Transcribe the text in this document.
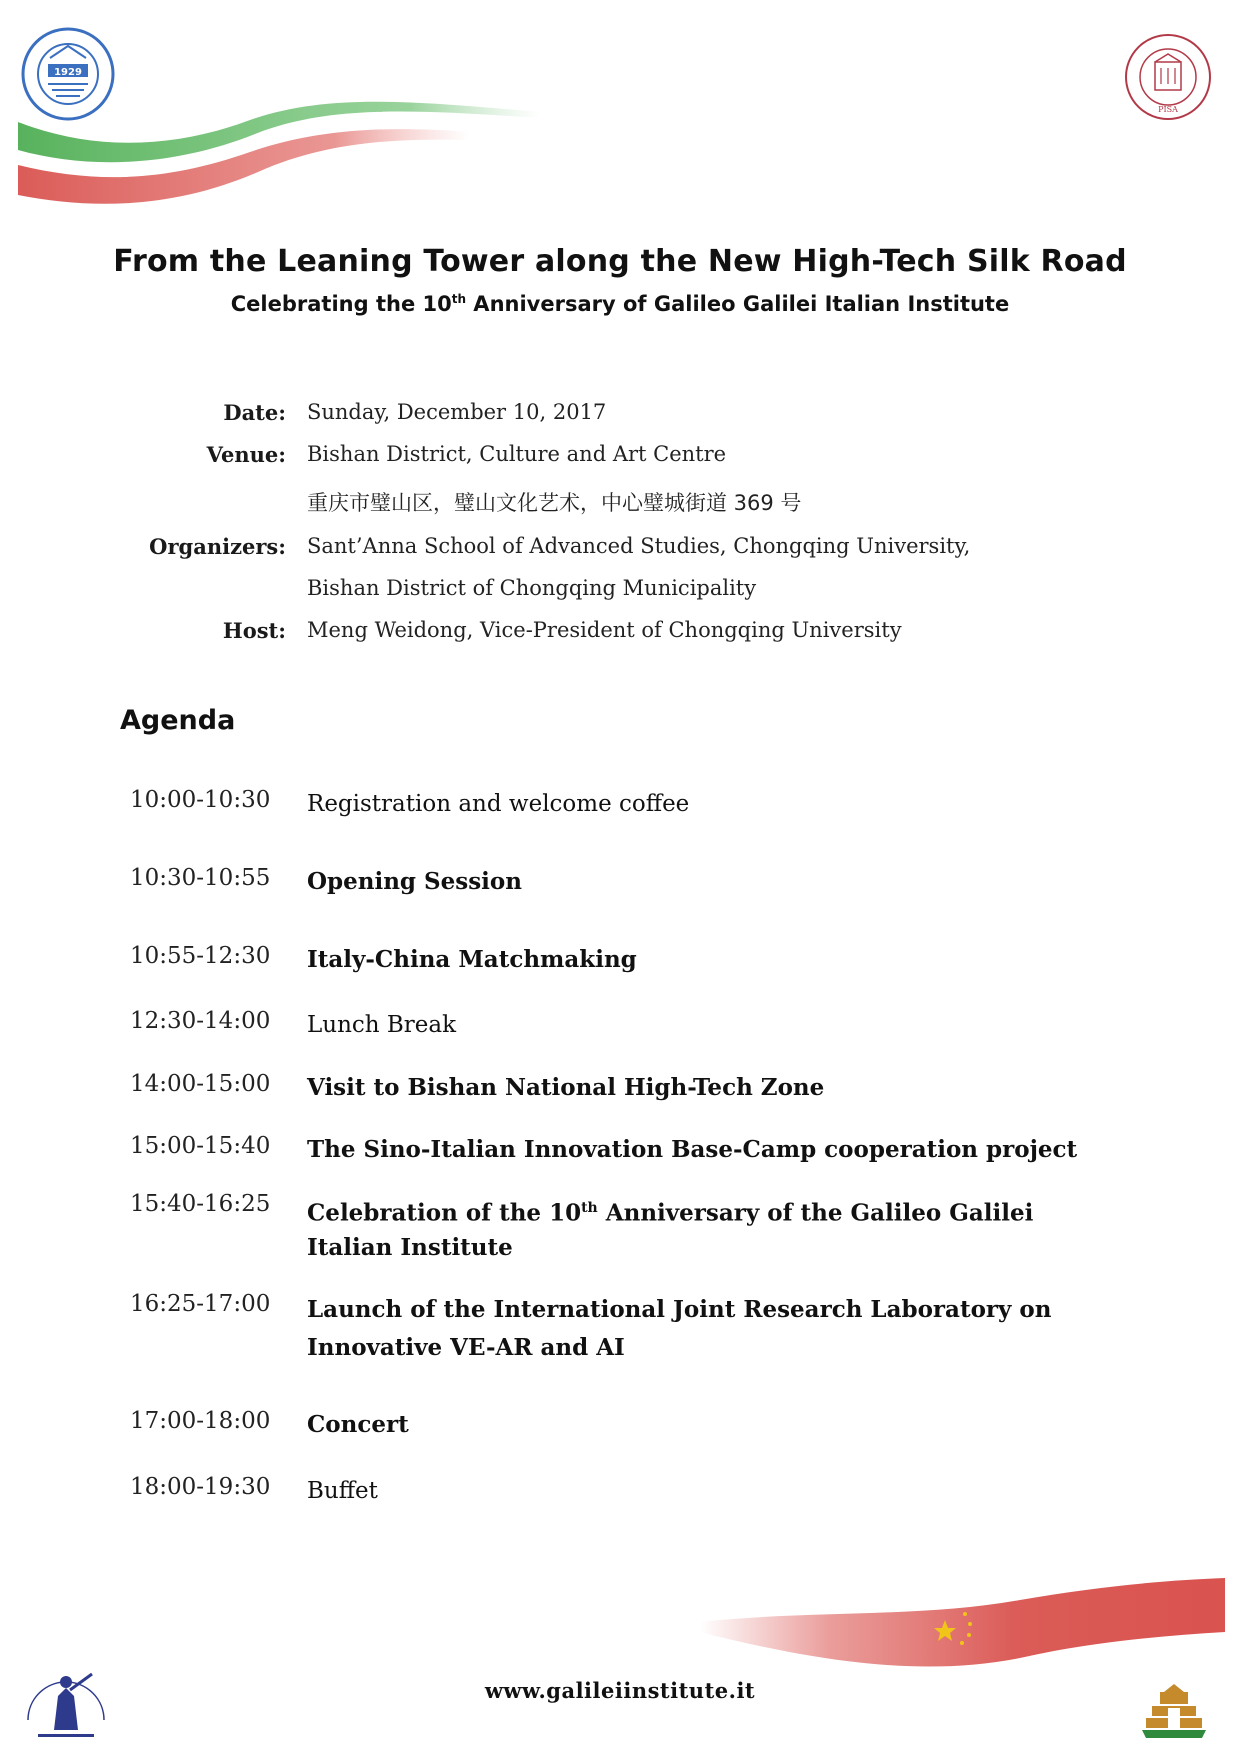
1929
PISA
From the Leaning Tower along the New High-Tech Silk Road
Celebrating the 10th Anniversary of Galileo Galilei Italian Institute
Date: Sunday, December 10, 2017
Venue: Bishan District, Culture and Art Centre
重庆市璧山区，璧山文化艺术，中心璧城街道 369 号
Organizers: Sant’Anna School of Advanced Studies, Chongqing University,
Bishan District of Chongqing Municipality
Host: Meng Weidong, Vice-President of Chongqing University
Agenda
10:00-10:30 Registration and welcome coffee
10:30-10:55 Opening Session
10:55-12:30 Italy-China Matchmaking
12:30-14:00 Lunch Break
14:00-15:00 Visit to Bishan National High-Tech Zone
15:00-15:40 The Sino-Italian Innovation Base-Camp cooperation project
15:40-16:25 Celebration of the 10th Anniversary of the Galileo Galilei Italian Institute
16:25-17:00 Launch of the International Joint Research Laboratory on
Innovative VE-AR and AI
17:00-18:00 Concert
18:00-19:30 Buffet
www.galileiinstitute.it
